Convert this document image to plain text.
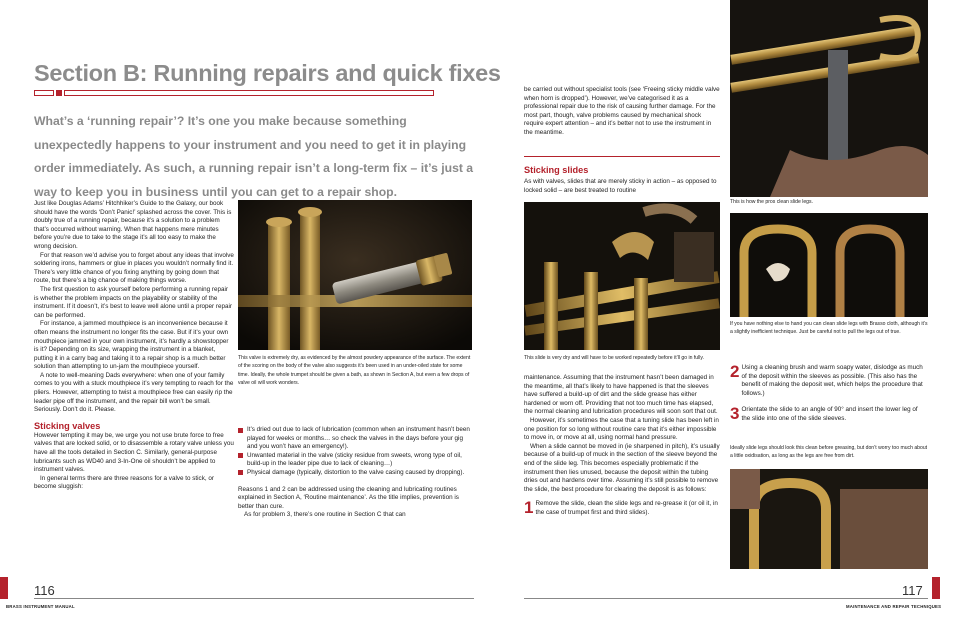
Section B: Running repairs and quick fixes
What’s a ‘running repair’? It’s one you make because something unexpectedly happens to your instrument and you need to get it in playing order immediately. As such, a running repair isn’t a long-term fix – it’s just a way to keep you in business until you can get to a repair shop.

Just like Douglas Adams’ Hitchhiker’s Guide to the Galaxy, our book should have the words ‘Don’t Panic!’ splashed across the cover. This is doubly true of a running repair, because it’s a solution to a problem that’s occurred without warning. When that happens mere minutes before you’re due to take to the stage it’s all too easy to make the wrong decision.

For that reason we’d advise you to forget about any ideas that involve soldering irons, hammers or glue in places you wouldn’t normally find it. There’s very little chance of you fixing anything by going down that route, but there’s a big chance of making things worse.

The first question to ask yourself before performing a running repair is whether the problem impacts on the playability or stability of the instrument. If it doesn’t, it’s best to leave well alone until a proper repair can be performed.

For instance, a jammed mouthpiece is an inconvenience because it often means the instrument no longer fits the case. But if it’s your own mouthpiece jammed in your own instrument, it’s hardly a showstopper is it? Depending on its size, wrapping the instrument in a blanket, putting it in a carry bag and taking it to a repair shop is a much better solution than attempting to un-jam the mouthpiece yourself.

A note to well-meaning Dads everywhere: when one of your family comes to you with a stuck mouthpiece it’s very tempting to reach for the pliers. However, attempting to twist a mouthpiece free can easily rip the leader pipe off the instrument, and the repair bill won’t be small. Seriously. Don’t do it. Please.

Sticking valves

However tempting it may be, we urge you not use brute force to free valves that are locked solid, or to disassemble a rotary valve unless you have all the tools detailed in Section C. Similarly, general-purpose lubricants such as WD40 and 3-In-One oil shouldn’t be applied to instrument valves.

In general terms there are three reasons for a valve to stick, or become sluggish:

This valve is extremely dry, as evidenced by the almost powdery appearance of the surface. The extent of the scoring on the body of the valve also suggests it’s been used in an under-oiled state for some time. Ideally, the whole trumpet should be given a bath, as shown in Section A, but even a few drops of valve oil will work wonders.
It’s dried out due to lack of lubrication (common when an instrument hasn’t been played for weeks or months… so check the valves in the days before your gig and you won’t have an emergency!).
Unwanted material in the valve (sticky residue from sweets, wrong type of oil, build-up in the leader pipe due to lack of cleaning…)
Physical damage (typically, distortion to the valve casing caused by dropping).

Reasons 1 and 2 can be addressed using the cleaning and lubricating routines explained in Section A, ‘Routine maintenance’. As the title implies, prevention is better than cure.

As for problem 3, there’s one routine in Section C that can

116
BRASS INSTRUMENT MANUAL

be carried out without specialist tools (see ‘Freeing sticky middle valve when horn is dropped’). However, we’ve categorised it as a professional repair due to the risk of causing further damage. For the most part, though, valve problems caused by mechanical shock require expert attention – and it’s better not to use the instrument in the meantime.

Sticking slides
As with valves, slides that are merely sticky in action – as opposed to locked solid – are best treated to routine
This slide is very dry and will have to be worked repeatedly before it’ll go in fully.

maintenance. Assuming that the instrument hasn’t been damaged in the meantime, all that’s likely to have happened is that the sleeves have suffered a build-up of dirt and the slide grease has either hardened or worn off. Providing that not too much time has elapsed, the normal cleaning and lubrication procedures will soon sort that out.

However, it’s sometimes the case that a tuning slide has been left in one position for so long without routine care that it’s either impossible to move in, or move at all, using normal hand pressure.

When a slide cannot be moved in (ie sharpened in pitch), it’s usually because of a build-up of muck in the section of the sleeve beyond the end of the slide leg. This becomes especially problematic if the instrument then lies unused, because the deposit within the tubing dries out and hardens over time. Assuming it’s still possible to remove the slide, the best procedure for clearing the deposit is as follows:

1 Remove the slide, clean the slide legs and re-grease it (or oil it, in the case of trumpet first and third slides).
This is how the pros clean slide legs.
If you have nothing else to hand you can clean slide legs with Brasso cloth, although it’s a slightly inefficient technique. Just be careful not to pull the legs out of true.
2 Using a cleaning brush and warm soapy water, dislodge as much of the deposit within the sleeves as possible. (This also has the benefit of making the deposit wet, which helps the procedure that follows.)
3 Orientate the slide to an angle of 90° and insert the lower leg of the slide into one of the slide sleeves.
Ideally slide legs should look this clean before greasing, but don’t worry too much about a little oxidisation, as long as the legs are free from dirt.
117
MAINTENANCE AND REPAIR TECHNIQUES
